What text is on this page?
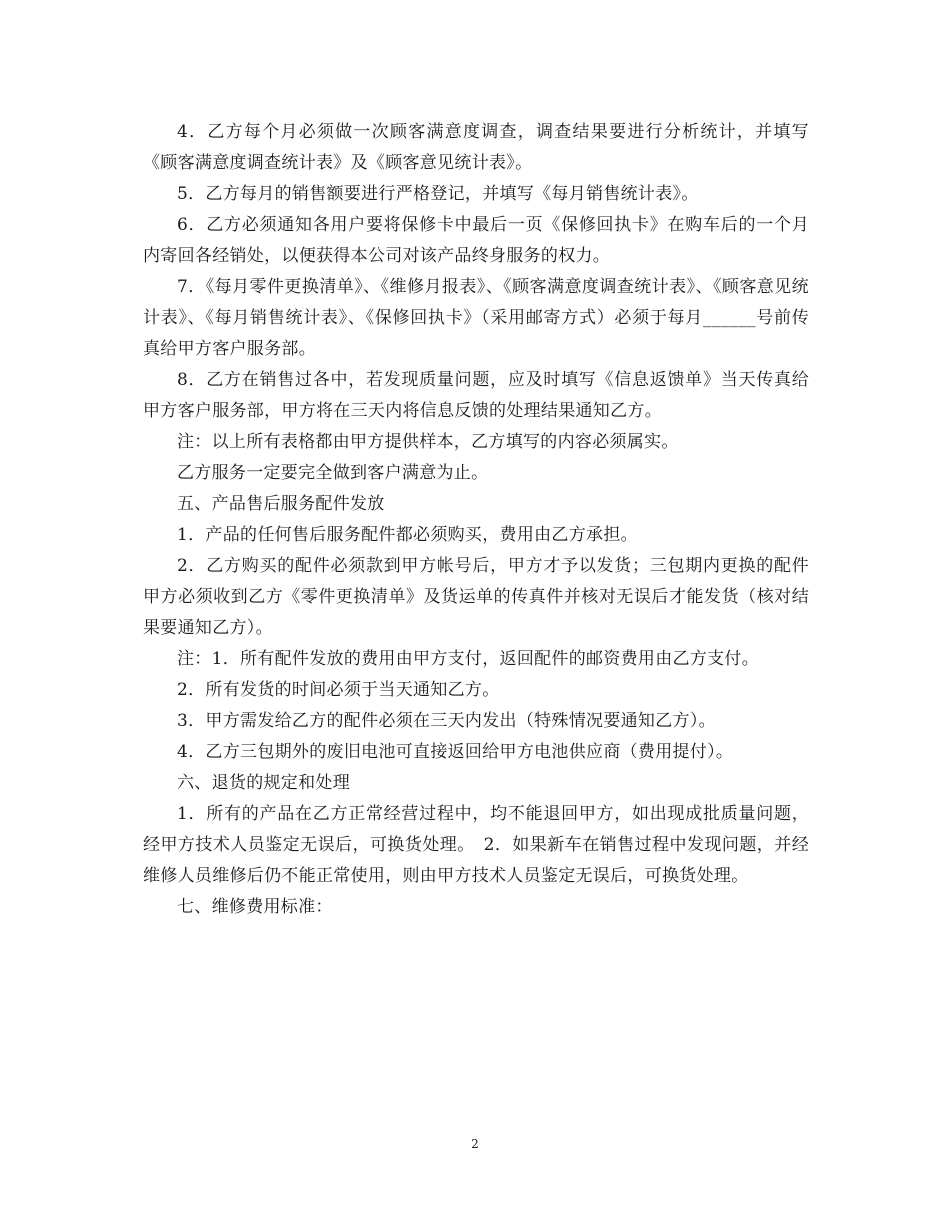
4．乙方每个月必须做一次顾客满意度调查，调查结果要进行分析统计，并填写《顾客满意度调查统计表》及《顾客意见统计表》。

5．乙方每月的销售额要进行严格登记，并填写《每月销售统计表》。

6．乙方必须通知各用户要将保修卡中最后一页《保修回执卡》在购车后的一个月内寄回各经销处，以便获得本公司对该产品终身服务的权力。

7．《每月零件更换清单》、《维修月报表》、《顾客满意度调查统计表》、《顾客意见统计表》、《每月销售统计表》、《保修回执卡》（采用邮寄方式）必须于每月______号前传真给甲方客户服务部。

8．乙方在销售过各中，若发现质量问题，应及时填写《信息返馈单》当天传真给甲方客户服务部，甲方将在三天内将信息反馈的处理结果通知乙方。

注：以上所有表格都由甲方提供样本，乙方填写的内容必须属实。

乙方服务一定要完全做到客户满意为止。

五、产品售后服务配件发放

1．产品的任何售后服务配件都必须购买，费用由乙方承担。

2．乙方购买的配件必须款到甲方帐号后，甲方才予以发货；三包期内更换的配件甲方必须收到乙方《零件更换清单》及货运单的传真件并核对无误后才能发货（核对结果要通知乙方）。

注：1．所有配件发放的费用由甲方支付，返回配件的邮资费用由乙方支付。

2．所有发货的时间必须于当天通知乙方。

3．甲方需发给乙方的配件必须在三天内发出（特殊情况要通知乙方）。

4．乙方三包期外的废旧电池可直接返回给甲方电池供应商（费用提付）。

六、退货的规定和处理

1．所有的产品在乙方正常经营过程中，均不能退回甲方，如出现成批质量问题，经甲方技术人员鉴定无误后，可换货处理。　2．如果新车在销售过程中发现问题，并经维修人员维修后仍不能正常使用，则由甲方技术人员鉴定无误后，可换货处理。

七、维修费用标准：

2
